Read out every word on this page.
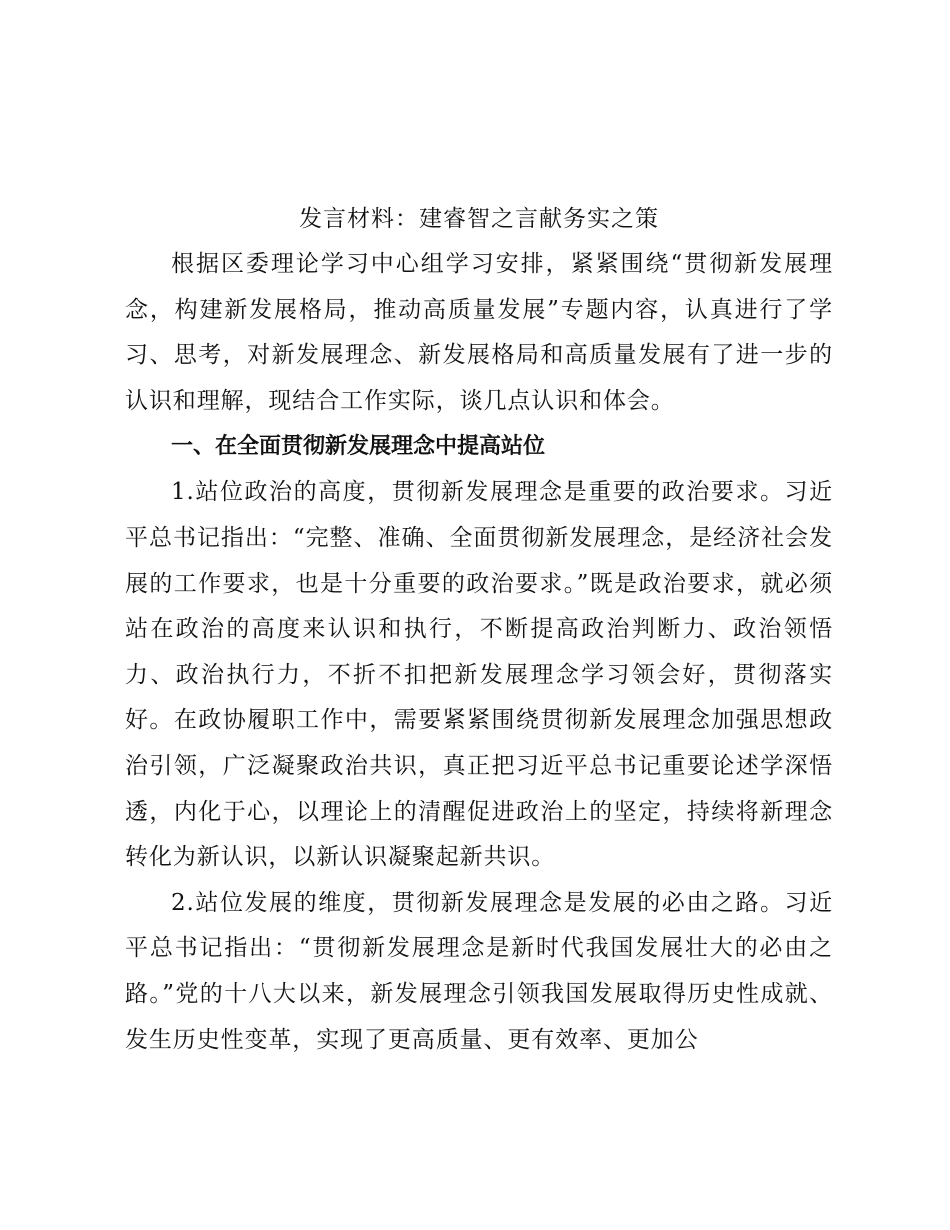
发言材料：建睿智之言献务实之策

根据区委理论学习中心组学习安排，紧紧围绕“贯彻新发展理念，构建新发展格局，推动高质量发展”专题内容，认真进行了学习、思考，对新发展理念、新发展格局和高质量发展有了进一步的认识和理解，现结合工作实际，谈几点认识和体会。

一、在全面贯彻新发展理念中提高站位

1.站位政治的高度，贯彻新发展理念是重要的政治要求。习近平总书记指出：“完整、准确、全面贯彻新发展理念，是经济社会发展的工作要求，也是十分重要的政治要求。”既是政治要求，就必须站在政治的高度来认识和执行，不断提高政治判断力、政治领悟力、政治执行力，不折不扣把新发展理念学习领会好，贯彻落实好。在政协履职工作中，需要紧紧围绕贯彻新发展理念加强思想政治引领，广泛凝聚政治共识，真正把习近平总书记重要论述学深悟透，内化于心，以理论上的清醒促进政治上的坚定，持续将新理念转化为新认识，以新认识凝聚起新共识。

2.站位发展的维度，贯彻新发展理念是发展的必由之路。习近平总书记指出：“贯彻新发展理念是新时代我国发展壮大的必由之路。”党的十八大以来，新发展理念引领我国发展取得历史性成就、发生历史性变革，实现了更高质量、更有效率、更加公
